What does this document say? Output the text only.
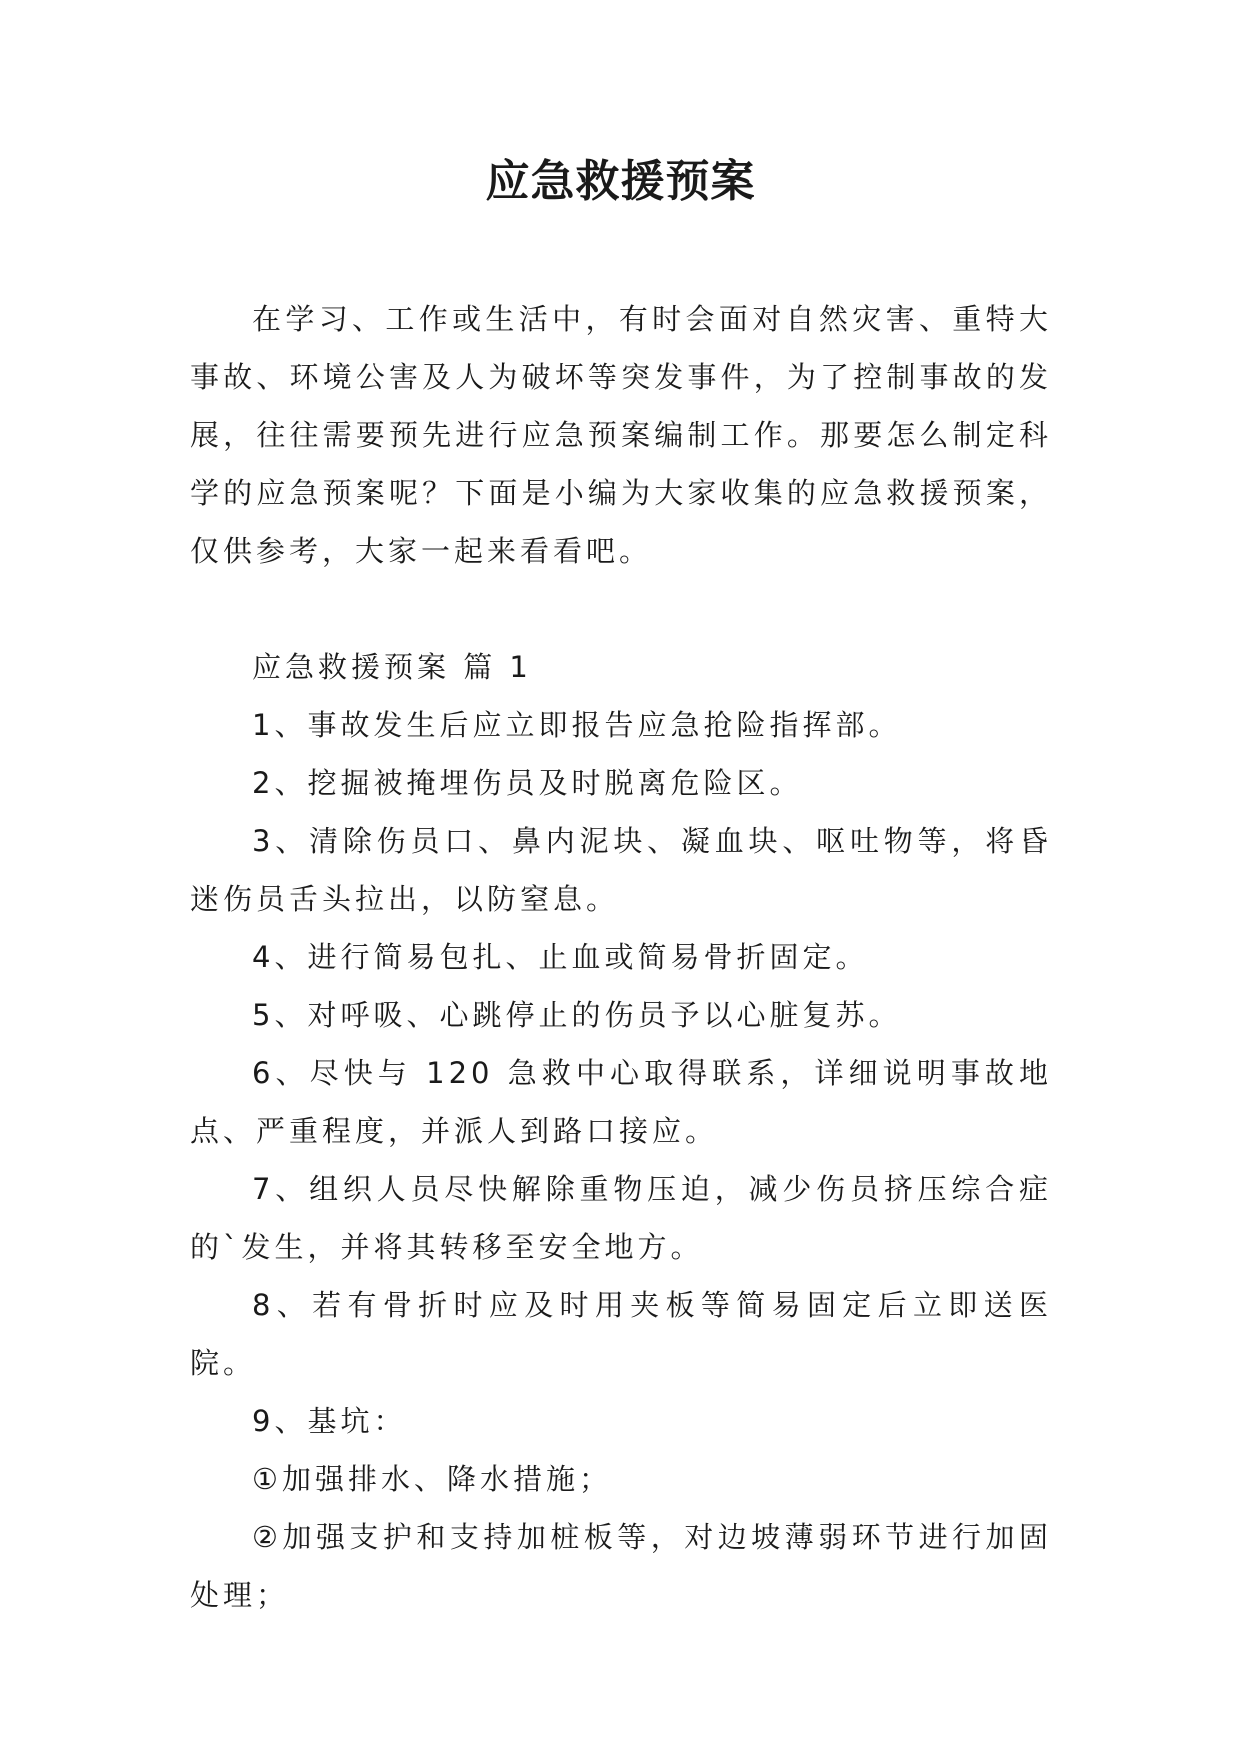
应急救援预案

在学习、工作或生活中，有时会面对自然灾害、重特大事故、环境公害及人为破坏等突发事件，为了控制事故的发展，往往需要预先进行应急预案编制工作。那要怎么制定科学的应急预案呢？下面是小编为大家收集的应急救援预案，仅供参考，大家一起来看看吧。

应急救援预案 篇 1

1、事故发生后应立即报告应急抢险指挥部。

2、挖掘被掩埋伤员及时脱离危险区。

3、清除伤员口、鼻内泥块、凝血块、呕吐物等，将昏迷伤员舌头拉出，以防窒息。

4、进行简易包扎、止血或简易骨折固定。

5、对呼吸、心跳停止的伤员予以心脏复苏。

6、尽快与 120 急救中心取得联系，详细说明事故地点、严重程度，并派人到路口接应。

7、组织人员尽快解除重物压迫，减少伤员挤压综合症的`发生，并将其转移至安全地方。

8、若有骨折时应及时用夹板等简易固定后立即送医院。

9、基坑：

①加强排水、降水措施；

②加强支护和支持加桩板等，对边坡薄弱环节进行加固处理；
